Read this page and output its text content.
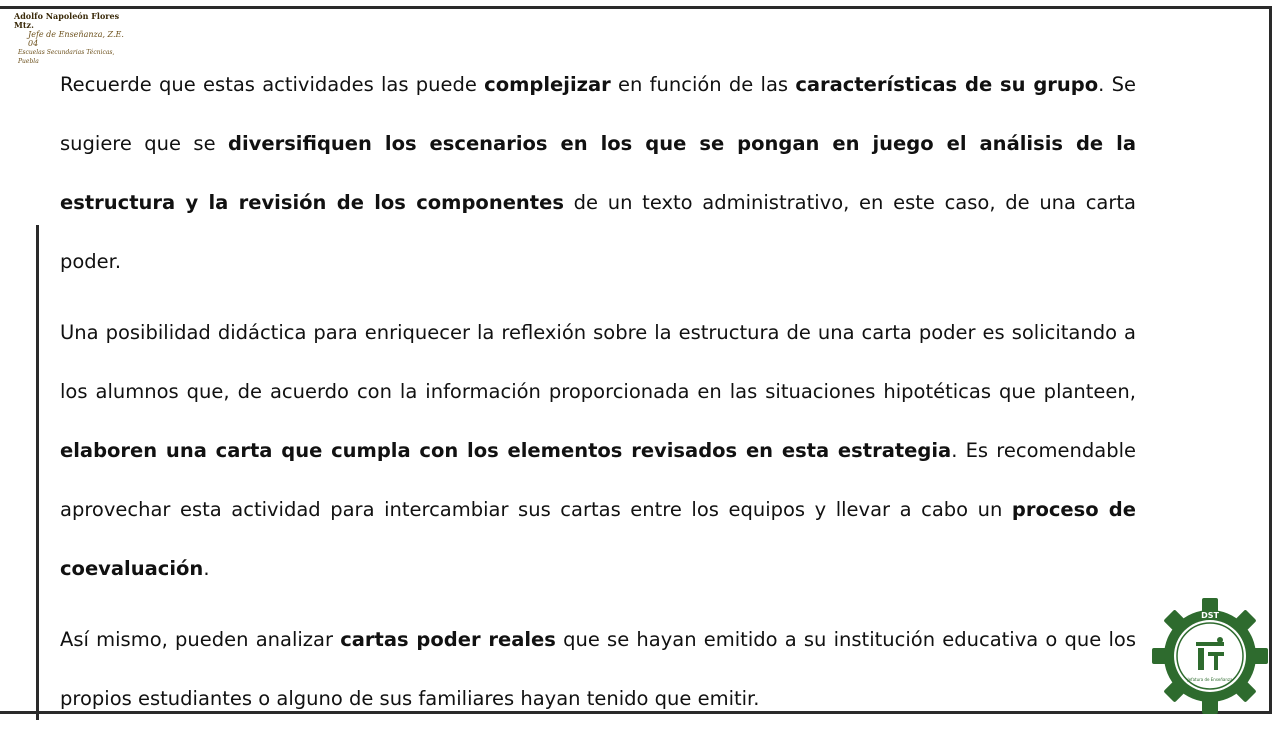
Adolfo Napoleón Flores Mtz.
Jefe de Enseñanza, Z.E. 04
Escuelas Secundarias Técnicas, Puebla

Recuerde que estas actividades las puede complejizar en función de las características de su grupo. Se sugiere que se diversifiquen los escenarios en los que se pongan en juego el análisis de la estructura y la revisión de los componentes de un texto administrativo, en este caso, de una carta poder.

Una posibilidad didáctica para enriquecer la reflexión sobre la estructura de una carta poder es solicitando a los alumnos que, de acuerdo con la información proporcionada en las situaciones hipotéticas que planteen, elaboren una carta que cumpla con los elementos revisados en esta estrategia. Es recomendable aprovechar esta actividad para intercambiar sus cartas entre los equipos y llevar a cabo un proceso de coevaluación.

Así mismo, pueden analizar cartas poder reales que se hayan emitido a su institución educativa o que los propios estudiantes o alguno de sus familiares hayan tenido que emitir.

DST
Jefatura de Enseñanza
